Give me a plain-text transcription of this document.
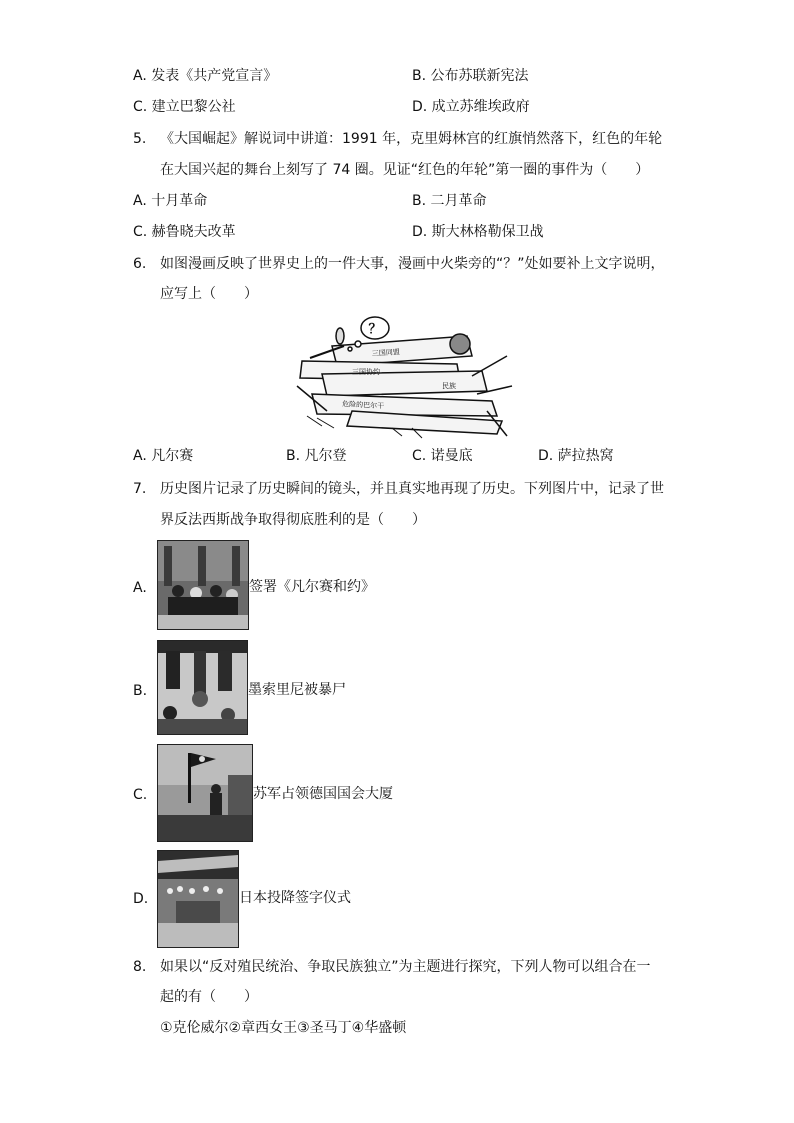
A. 发表《共产党宣言》	B. 公布苏联新宪法
C. 建立巴黎公社	D. 成立苏维埃政府
5. 《大国崛起》解说词中讲道：1991 年，克里姆林宫的红旗悄然落下，红色的年轮
在大国兴起的舞台上刻写了 74 圈。见证“红色的年轮”第一圈的事件为（　　）
A. 十月革命	B. 二月革命
C. 赫鲁晓夫改革	D. 斯大林格勒保卫战
6. 如图漫画反映了世界史上的一件大事，漫画中火柴旁的“？”处如要补上文字说明，
应写上（　　）
？
三国同盟
三国协约
民族
危险的巴尔干
A. 凡尔赛	B. 凡尔登	C. 诺曼底	D. 萨拉热窝
7. 历史图片记录了历史瞬间的镜头，并且真实地再现了历史。下列图片中，记录了世
界反法西斯战争取得彻底胜利的是（　　）
A.	签署《凡尔赛和约》
B.	墨索里尼被暴尸
C.	苏军占领德国国会大厦
D.	日本投降签字仪式
8. 如果以“反对殖民统治、争取民族独立”为主题进行探究，下列人物可以组合在一
起的有（　　）
①克伦威尔②章西女王③圣马丁④华盛顿
